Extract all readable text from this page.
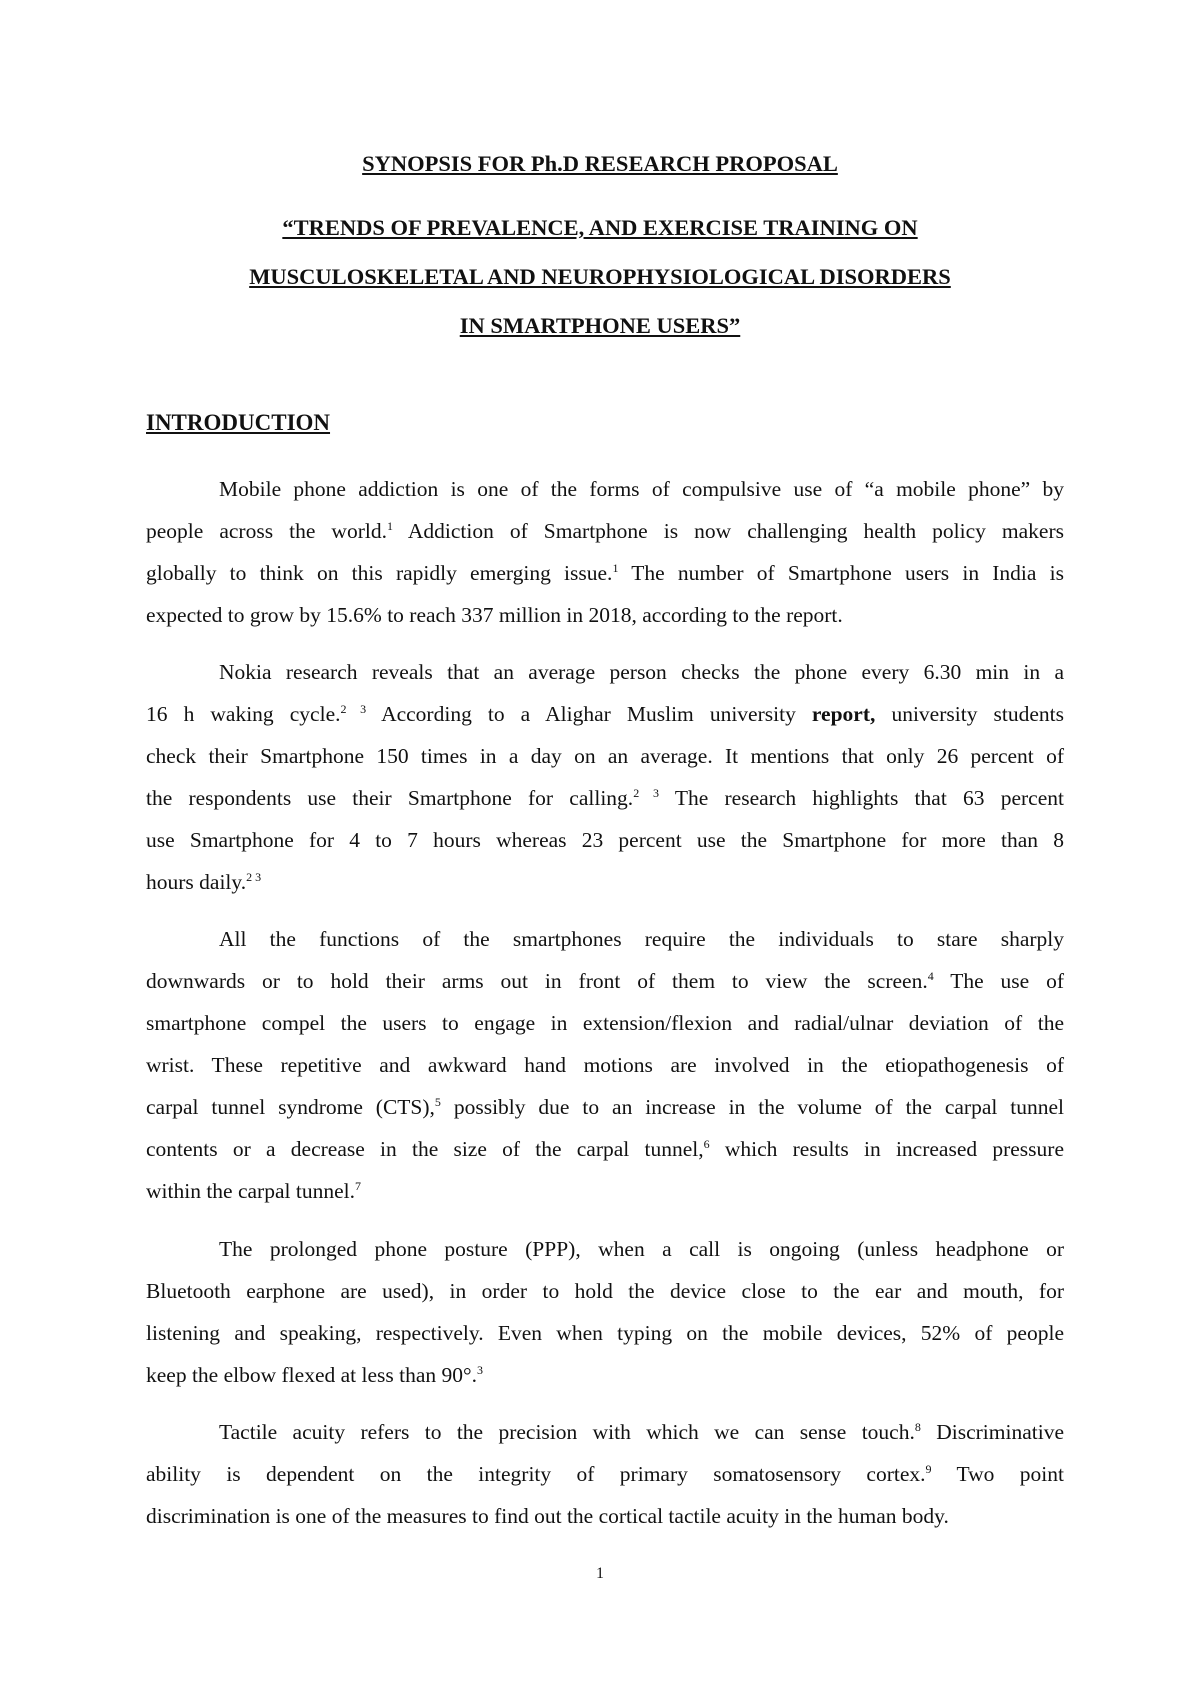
SYNOPSIS FOR Ph.D RESEARCH PROPOSAL
“TRENDS OF PREVALENCE, AND EXERCISE TRAINING ON
MUSCULOSKELETAL AND NEUROPHYSIOLOGICAL DISORDERS
IN SMARTPHONE USERS”
INTRODUCTION
Mobile phone addiction is one of the forms of compulsive use of “a mobile phone” by
people across the world.$^1$ Addiction of Smartphone is now challenging health policy makers
globally to think on this rapidly emerging issue.$^1$ The number of Smartphone users in India is
expected to grow by 15.6% to reach 337 million in 2018, according to the report.
Nokia research reveals that an average person checks the phone every 6.30 min in a
16 h waking cycle.$^{2 3}$ According to a Alighar Muslim university report, university students
check their Smartphone 150 times in a day on an average. It mentions that only 26 percent of
the respondents use their Smartphone for calling.$^{2 3}$ The research highlights that 63 percent
use Smartphone for 4 to 7 hours whereas 23 percent use the Smartphone for more than 8
hours daily.$^{2 3}$
All the functions of the smartphones require the individuals to stare sharply
downwards or to hold their arms out in front of them to view the screen.$^4$ The use of
smartphone compel the users to engage in extension/flexion and radial/ulnar deviation of the
wrist. These repetitive and awkward hand motions are involved in the etiopathogenesis of
carpal tunnel syndrome (CTS),$^5$ possibly due to an increase in the volume of the carpal tunnel
contents or a decrease in the size of the carpal tunnel,$^6$ which results in increased pressure
within the carpal tunnel.$^7$
The prolonged phone posture (PPP), when a call is ongoing (unless headphone or
Bluetooth earphone are used), in order to hold the device close to the ear and mouth, for
listening and speaking, respectively. Even when typing on the mobile devices, 52% of people
keep the elbow flexed at less than 90°.$^3$
Tactile acuity refers to the precision with which we can sense touch.$^8$ Discriminative
ability is dependent on the integrity of primary somatosensory cortex.$^9$ Two point
discrimination is one of the measures to find out the cortical tactile acuity in the human body.
1
